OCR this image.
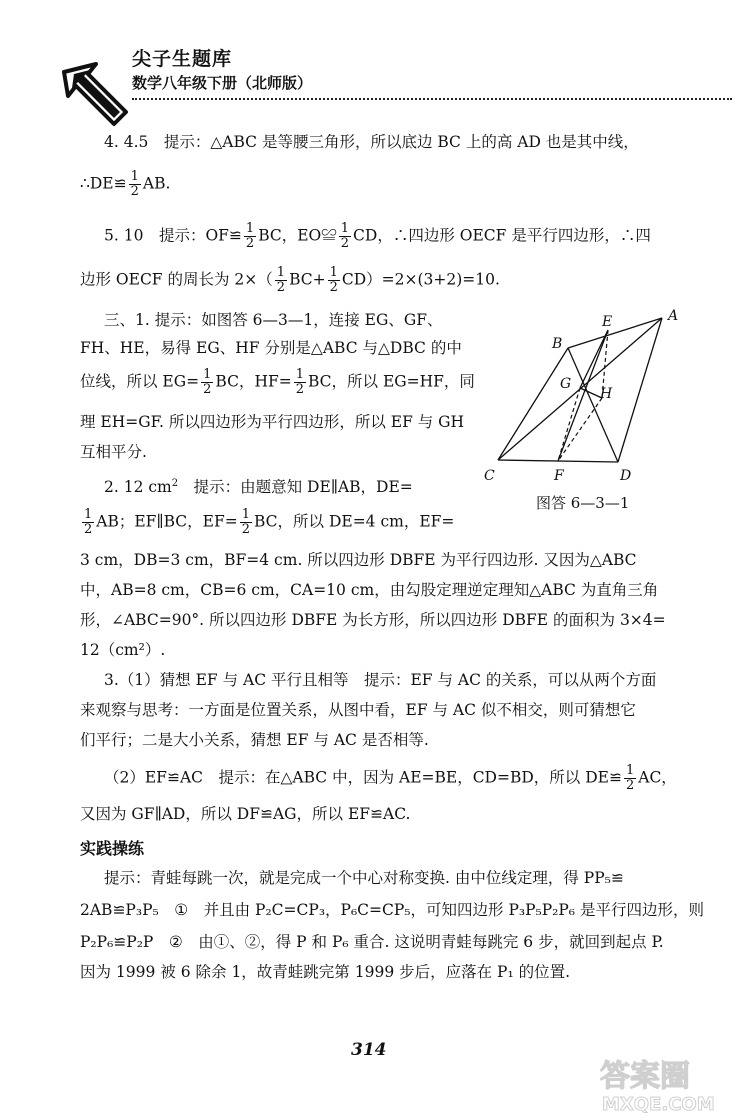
尖子生题库
数学八年级下册（北师版）
4. 4.5　提示：△ABC 是等腰三角形，所以底边 BC 上的高 AD 也是其中线，
∴DE≌ $\frac{1}{2}$ AB.
5. 10　提示：OF≌ $\frac{1}{2}$ BC，EO≌ $\frac{1}{2}$ CD，∴四边形 OECF 是平行四边形，∴四
边形 OECF 的周长为 $2\times( \frac{1}{2} BC+ \frac{1}{2} CD)=2\times(3+2)=10$.
三、1. 提示：如图答 6—3—1，连接 EG、GF、
FH、HE，易得 EG、HF 分别是△ABC 与△DBC 的中
位线，所以 $EG= \frac{1}{2}$ BC，$HF= \frac{1}{2}$ BC，所以 EG=HF，同
理 EH=GF. 所以四边形为平行四边形，所以 EF 与 GH
互相平分.
2. 12 $cm^2$　提示：由题意知 DE∥AB，DE=
$\frac{1}{2}$ AB；EF∥BC，$EF= \frac{1}{2}$ BC，所以 DE=4 cm，EF=
3 cm，DB=3 cm，BF=4 cm. 所以四边形 DBFE 为平行四边形. 又因为△ABC
中，AB=8 cm，CB=6 cm，CA=10 cm，由勾股定理逆定理知△ABC 为直角三角
形，∠ABC=90°. 所以四边形 DBFE 为长方形，所以四边形 DBFE 的面积为 3×4=
12（cm²）.
3.（1）猜想 EF 与 AC 平行且相等　提示：EF 与 AC 的关系，可以从两个方面
来观察与思考：一方面是位置关系，从图中看，EF 与 AC 似不相交，则可猜想它
们平行；二是大小关系，猜想 EF 与 AC 是否相等.
（2）EF≌AC　提示：在△ABC 中，因为 AE=BE，CD=BD，所以 DE≌ $\frac{1}{2}$ AC，
又因为 GF∥AD，所以 DF≌AG，所以 EF≌AC.
实践操练
提示：青蛙每跳一次，就是完成一个中心对称变换. 由中位线定理，得 PP₅≌
2AB≌P₃P₅　①　并且由 P₂C=CP₃，P₆C=CP₅，可知四边形 P₃P₅P₂P₆ 是平行四边形，则
P₂P₆≌P₂P　②　由①、②，得 P 和 P₆ 重合. 这说明青蛙每跳完 6 步，就回到起点 P.
因为 1999 被 6 除余 1，故青蛙跳完第 1999 步后，应落在 P₁ 的位置.
A
B
E
G
H
C	F	D
图答 6—3—1
314
答案圈
MXQE.COM
